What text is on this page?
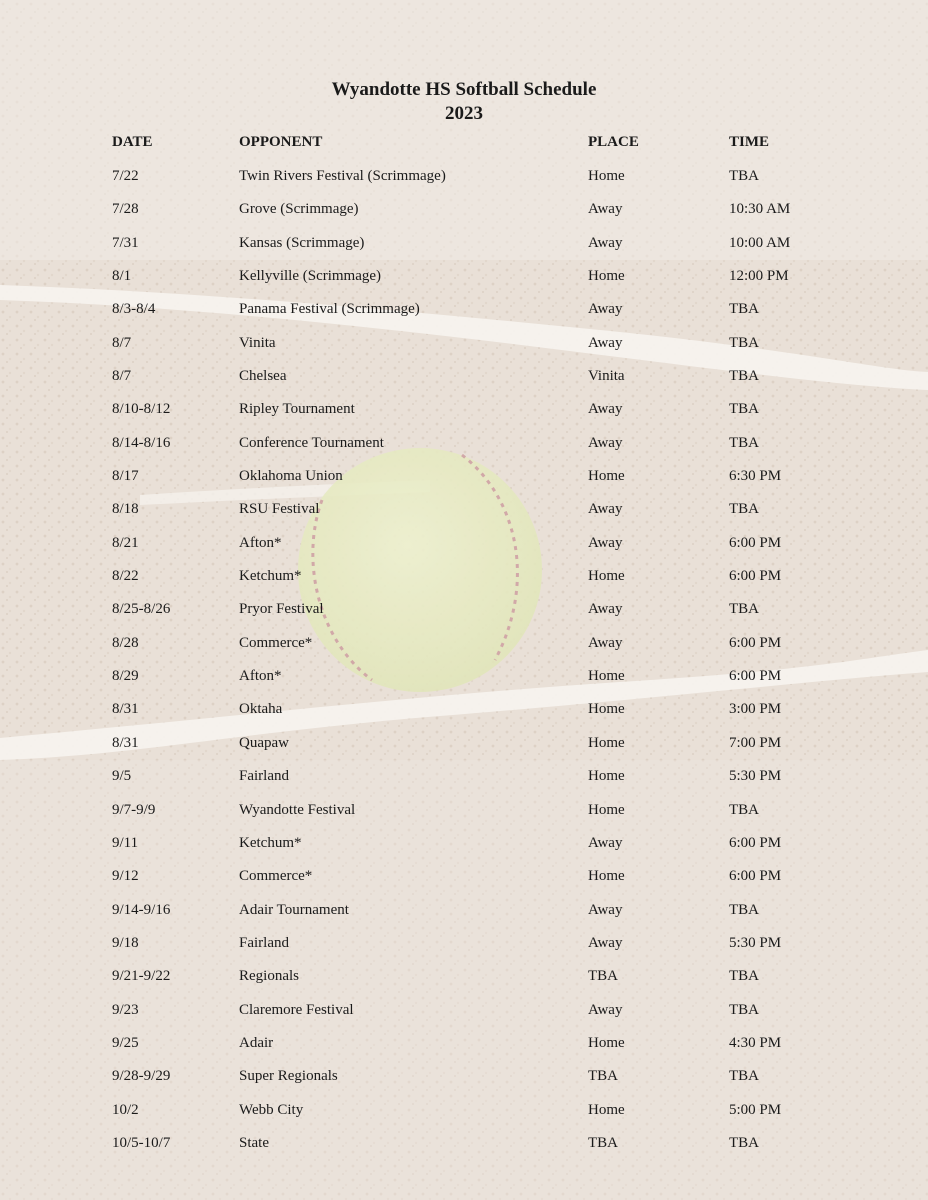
Wyandotte HS Softball Schedule
2023
DATE	OPPONENT	PLACE	TIME
7/22	Twin Rivers Festival (Scrimmage)	Home	TBA
7/28	Grove (Scrimmage)	Away	10:30 AM
7/31	Kansas (Scrimmage)	Away	10:00 AM
8/1	Kellyville (Scrimmage)	Home	12:00 PM
8/3-8/4	Panama Festival (Scrimmage)	Away	TBA
8/7	Vinita	Away	TBA
8/7	Chelsea	Vinita	TBA
8/10-8/12	Ripley Tournament	Away	TBA
8/14-8/16	Conference Tournament	Away	TBA
8/17	Oklahoma Union	Home	6:30 PM
8/18	RSU Festival	Away	TBA
8/21	Afton*	Away	6:00 PM
8/22	Ketchum*	Home	6:00 PM
8/25-8/26	Pryor Festival	Away	TBA
8/28	Commerce*	Away	6:00 PM
8/29	Afton*	Home	6:00 PM
8/31	Oktaha	Home	3:00 PM
8/31	Quapaw	Home	7:00 PM
9/5	Fairland	Home	5:30 PM
9/7-9/9	Wyandotte Festival	Home	TBA
9/11	Ketchum*	Away	6:00 PM
9/12	Commerce*	Home	6:00 PM
9/14-9/16	Adair Tournament	Away	TBA
9/18	Fairland	Away	5:30 PM
9/21-9/22	Regionals	TBA	TBA
9/23	Claremore Festival	Away	TBA
9/25	Adair	Home	4:30 PM
9/28-9/29	Super Regionals	TBA	TBA
10/2	Webb City	Home	5:00 PM
10/5-10/7	State	TBA	TBA
